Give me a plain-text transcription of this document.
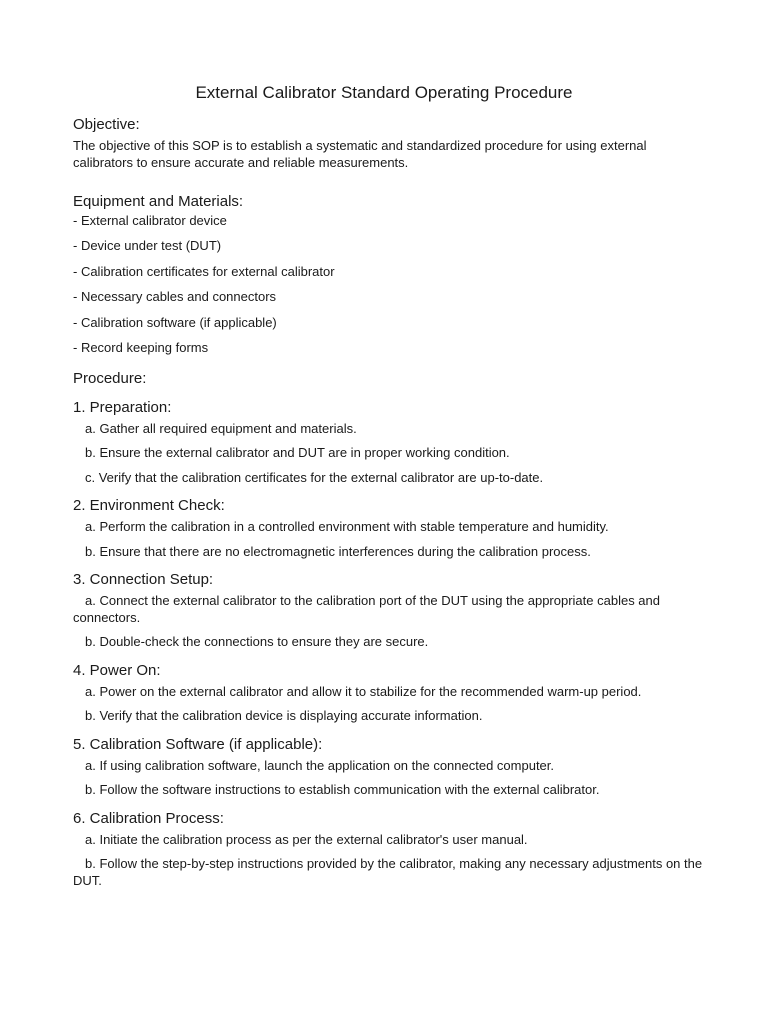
External Calibrator Standard Operating Procedure

Objective:

The objective of this SOP is to establish a systematic and standardized procedure for using external calibrators to ensure accurate and reliable measurements.

Equipment and Materials:

- External calibrator device

- Device under test (DUT)

- Calibration certificates for external calibrator

- Necessary cables and connectors

- Calibration software (if applicable)

- Record keeping forms

Procedure:

1. Preparation:

a. Gather all required equipment and materials.

b. Ensure the external calibrator and DUT are in proper working condition.

c. Verify that the calibration certificates for the external calibrator are up-to-date.

2. Environment Check:

a. Perform the calibration in a controlled environment with stable temperature and humidity.

b. Ensure that there are no electromagnetic interferences during the calibration process.

3. Connection Setup:

a. Connect the external calibrator to the calibration port of the DUT using the appropriate cables and connectors.

b. Double-check the connections to ensure they are secure.

4. Power On:

a. Power on the external calibrator and allow it to stabilize for the recommended warm-up period.

b. Verify that the calibration device is displaying accurate information.

5. Calibration Software (if applicable):

a. If using calibration software, launch the application on the connected computer.

b. Follow the software instructions to establish communication with the external calibrator.

6. Calibration Process:

a. Initiate the calibration process as per the external calibrator's user manual.

b. Follow the step-by-step instructions provided by the calibrator, making any necessary adjustments on the DUT.
